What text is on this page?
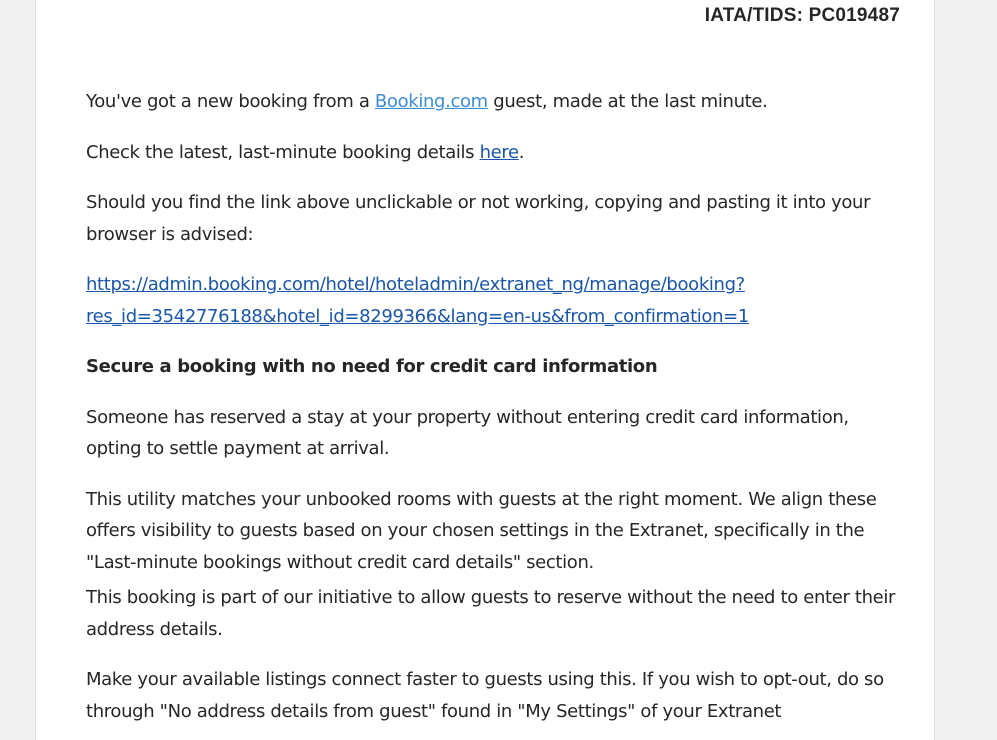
IATA/TIDS: PC019487

You've got a new booking from a Booking.com guest, made at the last minute.

Check the latest, last-minute booking details here.

Should you find the link above unclickable or not working, copying and pasting it into your browser is advised:

https://admin.booking.com/hotel/hoteladmin/extranet_ng/manage/booking?
res_id=3542776188&hotel_id=8299366&lang=en-us&from_confirmation=1

Secure a booking with no need for credit card information

Someone has reserved a stay at your property without entering credit card information, opting to settle payment at arrival.

This utility matches your unbooked rooms with guests at the right moment. We align these offers visibility to guests based on your chosen settings in the Extranet, specifically in the "Last-minute bookings without credit card details" section.

This booking is part of our initiative to allow guests to reserve without the need to enter their address details.

Make your available listings connect faster to guests using this. If you wish to opt-out, do so through "No address details from guest" found in "My Settings" of your Extranet
